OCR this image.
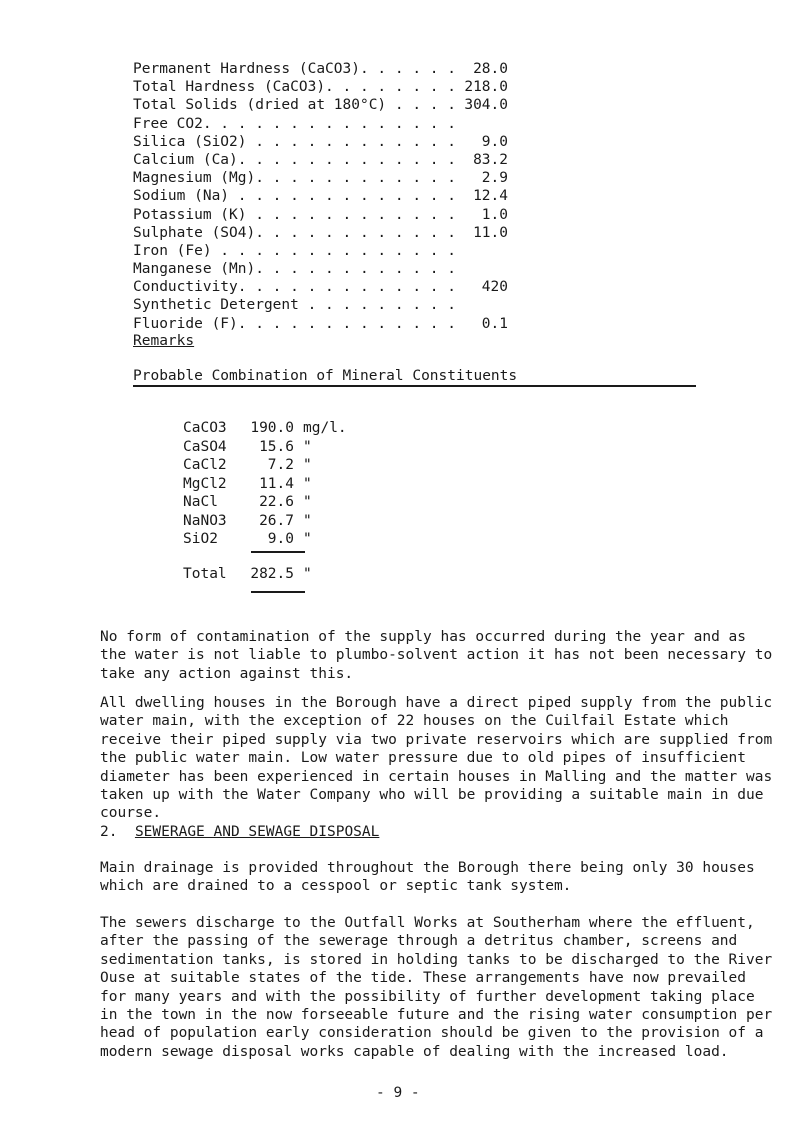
Permanent Hardness (CaCO3). . . . . .	28.0
Total Hardness (CaCO3). . . . . . . . 218.0
Total Solids (dried at 180°C) . . . . 304.0
Free CO2. . . . . . . . . . . . . . .
Silica (SiO2) . . . . . . . . . . . .	9.0
Calcium (Ca). . . . . . . . . . . . .	83.2
Magnesium (Mg). . . . . . . . . . . .	2.9
Sodium (Na) . . . . . . . . . . . . .	12.4
Potassium (K) . . . . . . . . . . . .	1.0
Sulphate (SO4). . . . . . . . . . . .	11.0
Iron (Fe) . . . . . . . . . . . . . .
Manganese (Mn). . . . . . . . . . . .
Conductivity. . . . . . . . . . . . .	420
Synthetic Detergent . . . . . . . . .
Fluoride (F). . . . . . . . . . . . .	0.1
Remarks
Probable Combination of Mineral Constituents
CaCO3	190.0 mg/l.
CaSO4	15.6 "
CaCl2	7.2 "
MgCl2	11.4 "
NaCl	22.6 "
NaNO3	26.7 "
SiO2	9.0 "
Total	282.5 "

No form of contamination of the supply has occurred during the year and as the water is not liable to plumbo-solvent action it has not been necessary to take any action against this.

All dwelling houses in the Borough have a direct piped supply from the public water main, with the exception of 22 houses on the Cuilfail Estate which receive their piped supply via two private reservoirs which are supplied from the public water main. Low water pressure due to old pipes of insufficient diameter has been experienced in certain houses in Malling and the matter was taken up with the Water Company who will be providing a suitable main in due course.

2. SEWERAGE AND SEWAGE DISPOSAL

Main drainage is provided throughout the Borough there being only 30 houses which are drained to a cesspool or septic tank system.

The sewers discharge to the Outfall Works at Southerham where the effluent, after the passing of the sewerage through a detritus chamber, screens and sedimentation tanks, is stored in holding tanks to be discharged to the River Ouse at suitable states of the tide. These arrangements have now prevailed for many years and with the possibility of further development taking place in the town in the now forseeable future and the rising water consumption per head of population early consideration should be given to the provision of a modern sewage disposal works capable of dealing with the increased load.

- 9 -
